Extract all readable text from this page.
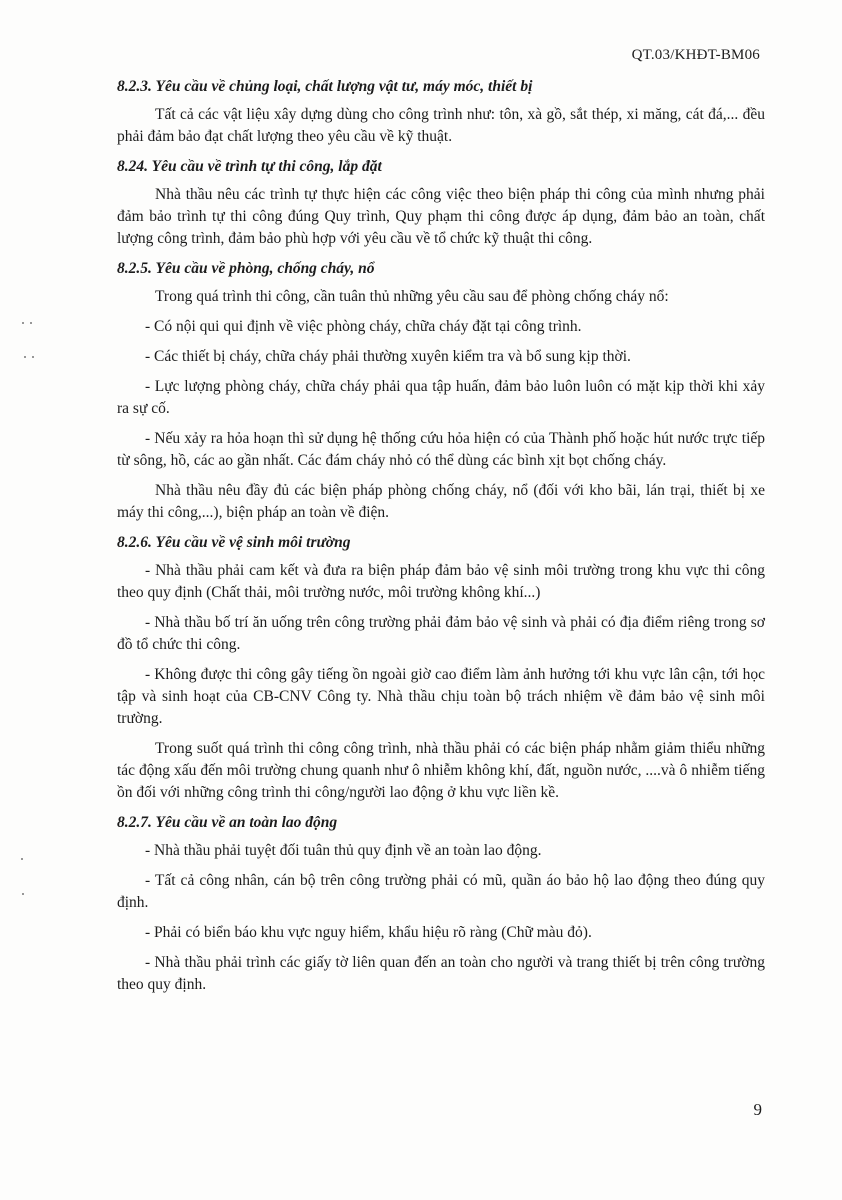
QT.03/KHĐT-BM06
8.2.3. Yêu cầu về chủng loại, chất lượng vật tư, máy móc, thiết bị

Tất cả các vật liệu xây dựng dùng cho công trình như: tôn, xà gồ, sắt thép, xi măng, cát đá,... đều phải đảm bảo đạt chất lượng theo yêu cầu về kỹ thuật.

8.24. Yêu cầu về trình tự thi công, lắp đặt

Nhà thầu nêu các trình tự thực hiện các công việc theo biện pháp thi công của mình nhưng phải đảm bảo trình tự thi công đúng Quy trình, Quy phạm thi công được áp dụng, đảm bảo an toàn, chất lượng công trình, đảm bảo phù hợp với yêu cầu về tổ chức kỹ thuật thi công.

8.2.5. Yêu cầu về phòng, chống cháy, nổ

Trong quá trình thi công, cần tuân thủ những yêu cầu sau để phòng chống cháy nổ:

- Có nội qui qui định về việc phòng cháy, chữa cháy đặt tại công trình.

- Các thiết bị cháy, chữa cháy phải thường xuyên kiểm tra và bổ sung kịp thời.

- Lực lượng phòng cháy, chữa cháy phải qua tập huấn, đảm bảo luôn luôn có mặt kịp thời khi xảy ra sự cố.

- Nếu xảy ra hỏa hoạn thì sử dụng hệ thống cứu hỏa hiện có của Thành phố hoặc hút nước trực tiếp từ sông, hồ, các ao gần nhất. Các đám cháy nhỏ có thể dùng các bình xịt bọt chống cháy.

Nhà thầu nêu đầy đủ các biện pháp phòng chống cháy, nổ (đối với kho bãi, lán trại, thiết bị xe máy thi công,...), biện pháp an toàn về điện.

8.2.6. Yêu cầu về vệ sinh môi trường

- Nhà thầu phải cam kết và đưa ra biện pháp đảm bảo vệ sinh môi trường trong khu vực thi công theo quy định (Chất thải, môi trường nước, môi trường không khí...)

- Nhà thầu bố trí ăn uống trên công trường phải đảm bảo vệ sinh và phải có địa điểm riêng trong sơ đồ tổ chức thi công.

- Không được thi công gây tiếng ồn ngoài giờ cao điểm làm ảnh hưởng tới khu vực lân cận, tới học tập và sinh hoạt của CB-CNV Công ty. Nhà thầu chịu toàn bộ trách nhiệm về đảm bảo vệ sinh môi trường.

Trong suốt quá trình thi công công trình, nhà thầu phải có các biện pháp nhằm giảm thiểu những tác động xấu đến môi trường chung quanh như ô nhiễm không khí, đất, nguồn nước, ....và ô nhiễm tiếng ồn đối với những công trình thi công/người lao động ở khu vực liền kề.

8.2.7. Yêu cầu về an toàn lao động

- Nhà thầu phải tuyệt đối tuân thủ quy định về an toàn lao động.

- Tất cả công nhân, cán bộ trên công trường phải có mũ, quần áo bảo hộ lao động theo đúng quy định.

- Phải có biển báo khu vực nguy hiểm, khẩu hiệu rõ ràng (Chữ màu đỏ).

- Nhà thầu phải trình các giấy tờ liên quan đến an toàn cho người và trang thiết bị trên công trường theo quy định.

9
